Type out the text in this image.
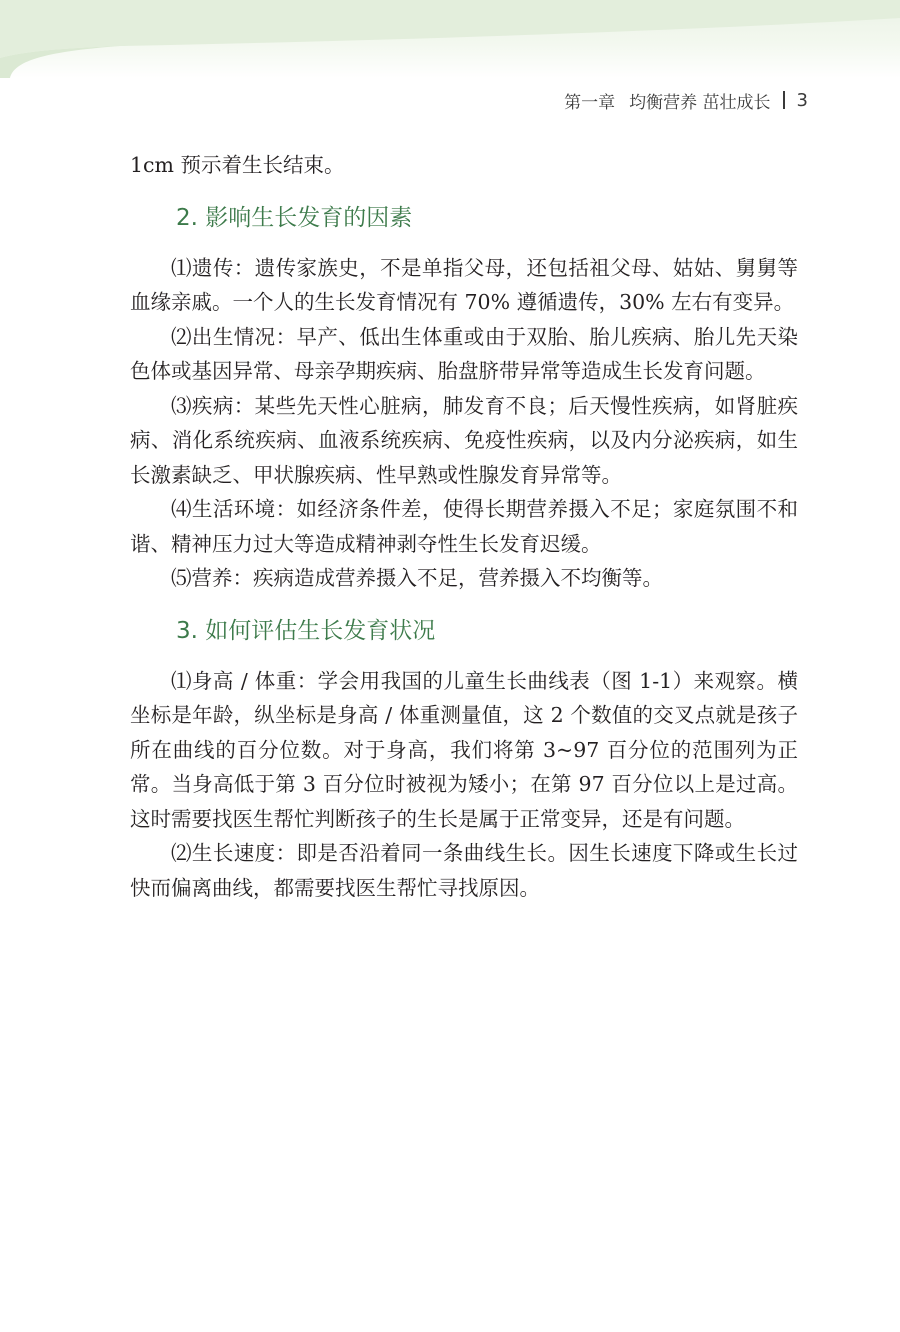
第一章 均衡营养 茁壮成长 3

1cm 预示着生长结束。

2. 影响生长发育的因素

⑴遗传：遗传家族史，不是单指父母，还包括祖父母、姑姑、舅舅等血缘亲戚。一个人的生长发育情况有 70% 遵循遗传，30% 左右有变异。

⑵出生情况：早产、低出生体重或由于双胎、胎儿疾病、胎儿先天染色体或基因异常、母亲孕期疾病、胎盘脐带异常等造成生长发育问题。

⑶疾病：某些先天性心脏病，肺发育不良；后天慢性疾病，如肾脏疾病、消化系统疾病、血液系统疾病、免疫性疾病，以及内分泌疾病，如生长激素缺乏、甲状腺疾病、性早熟或性腺发育异常等。

⑷生活环境：如经济条件差，使得长期营养摄入不足；家庭氛围不和谐、精神压力过大等造成精神剥夺性生长发育迟缓。

⑸营养：疾病造成营养摄入不足，营养摄入不均衡等。

3. 如何评估生长发育状况

⑴身高 / 体重：学会用我国的儿童生长曲线表（图 1-1）来观察。横坐标是年龄，纵坐标是身高 / 体重测量值，这 2 个数值的交叉点就是孩子所在曲线的百分位数。对于身高，我们将第 3~97 百分位的范围列为正常。当身高低于第 3 百分位时被视为矮小；在第 97 百分位以上是过高。这时需要找医生帮忙判断孩子的生长是属于正常变异，还是有问题。

⑵生长速度：即是否沿着同一条曲线生长。因生长速度下降或生长过快而偏离曲线，都需要找医生帮忙寻找原因。
